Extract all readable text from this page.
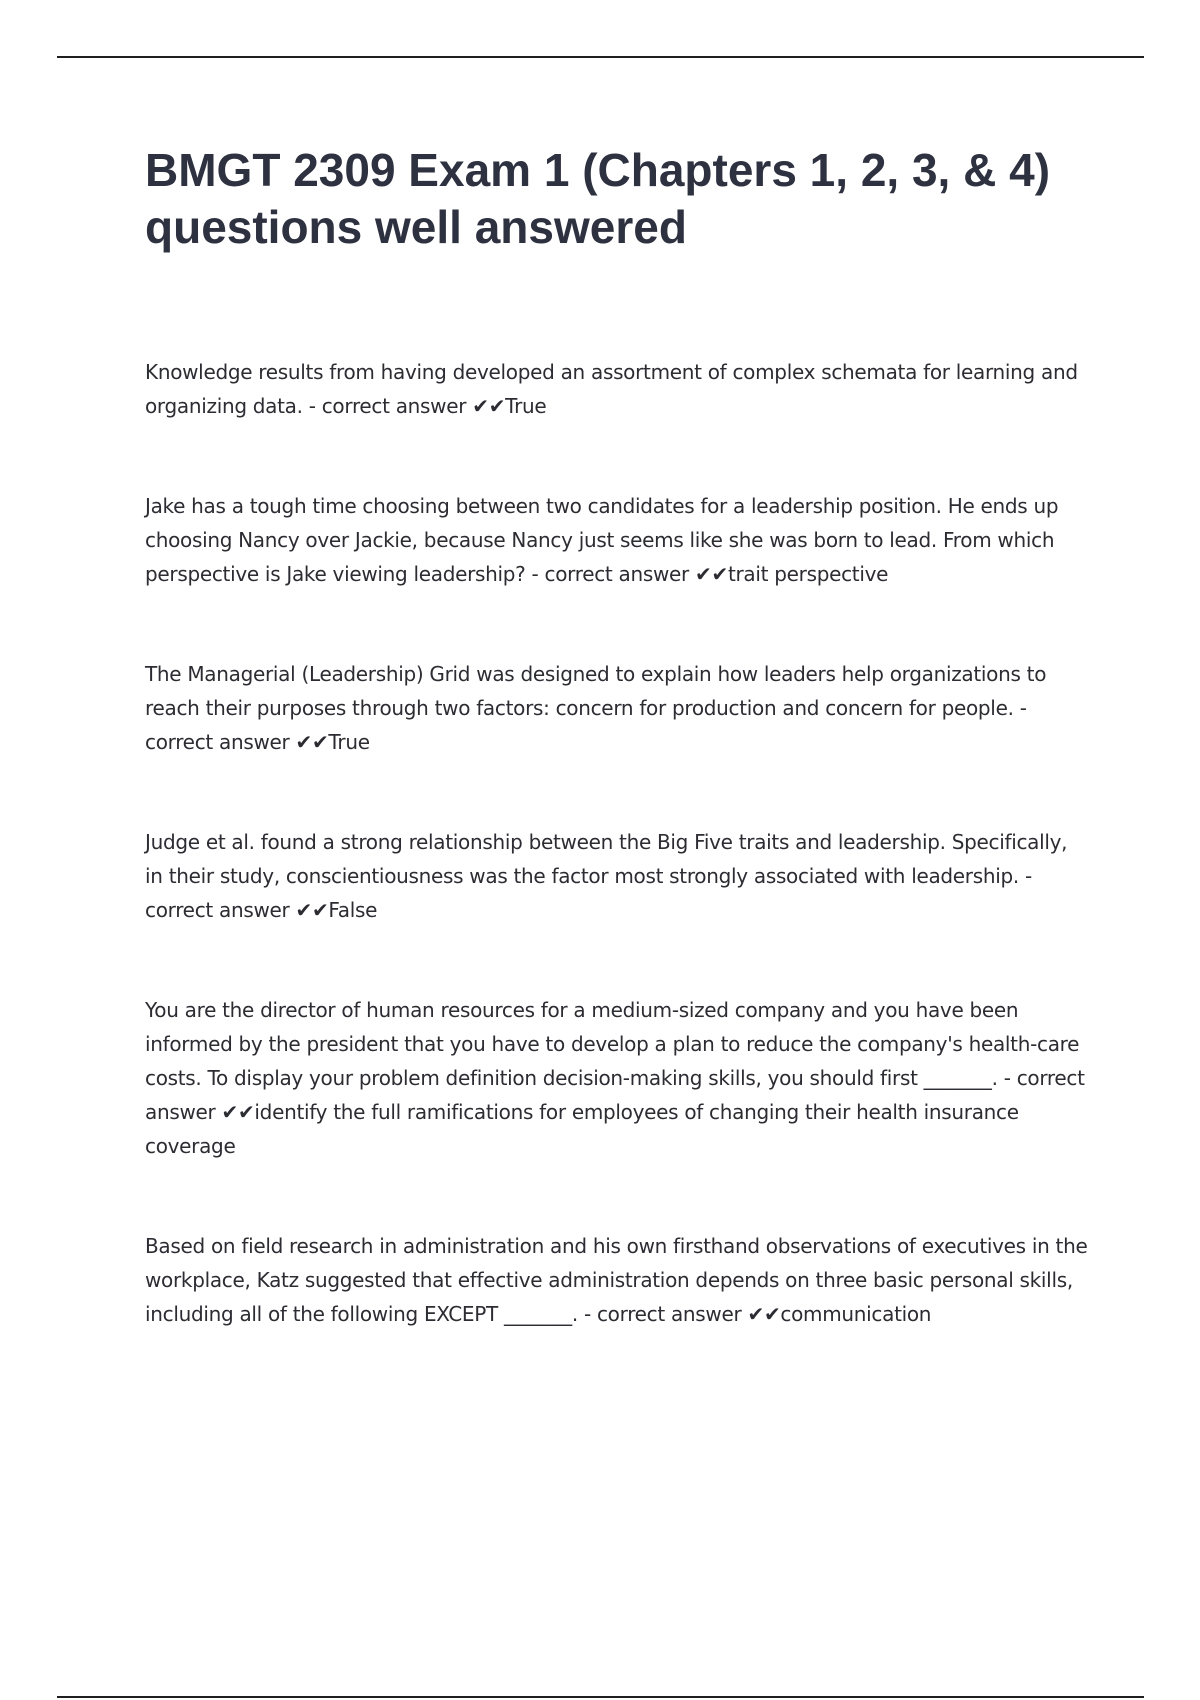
BMGT 2309 Exam 1 (Chapters 1, 2, 3, & 4) questions well answered

Knowledge results from having developed an assortment of complex schemata for learning and organizing data. - correct answer ✔✔True

Jake has a tough time choosing between two candidates for a leadership position. He ends up choosing Nancy over Jackie, because Nancy just seems like she was born to lead. From which perspective is Jake viewing leadership? - correct answer ✔✔trait perspective

The Managerial (Leadership) Grid was designed to explain how leaders help organizations to reach their purposes through two factors: concern for production and concern for people. - correct answer ✔✔True

Judge et al. found a strong relationship between the Big Five traits and leadership. Specifically, in their study, conscientiousness was the factor most strongly associated with leadership. - correct answer ✔✔False

You are the director of human resources for a medium-sized company and you have been informed by the president that you have to develop a plan to reduce the company's health-care costs. To display your problem definition decision-making skills, you should first _______. - correct answer ✔✔identify the full ramifications for employees of changing their health insurance coverage

Based on field research in administration and his own firsthand observations of executives in the workplace, Katz suggested that effective administration depends on three basic personal skills, including all of the following EXCEPT _______. - correct answer ✔✔communication
